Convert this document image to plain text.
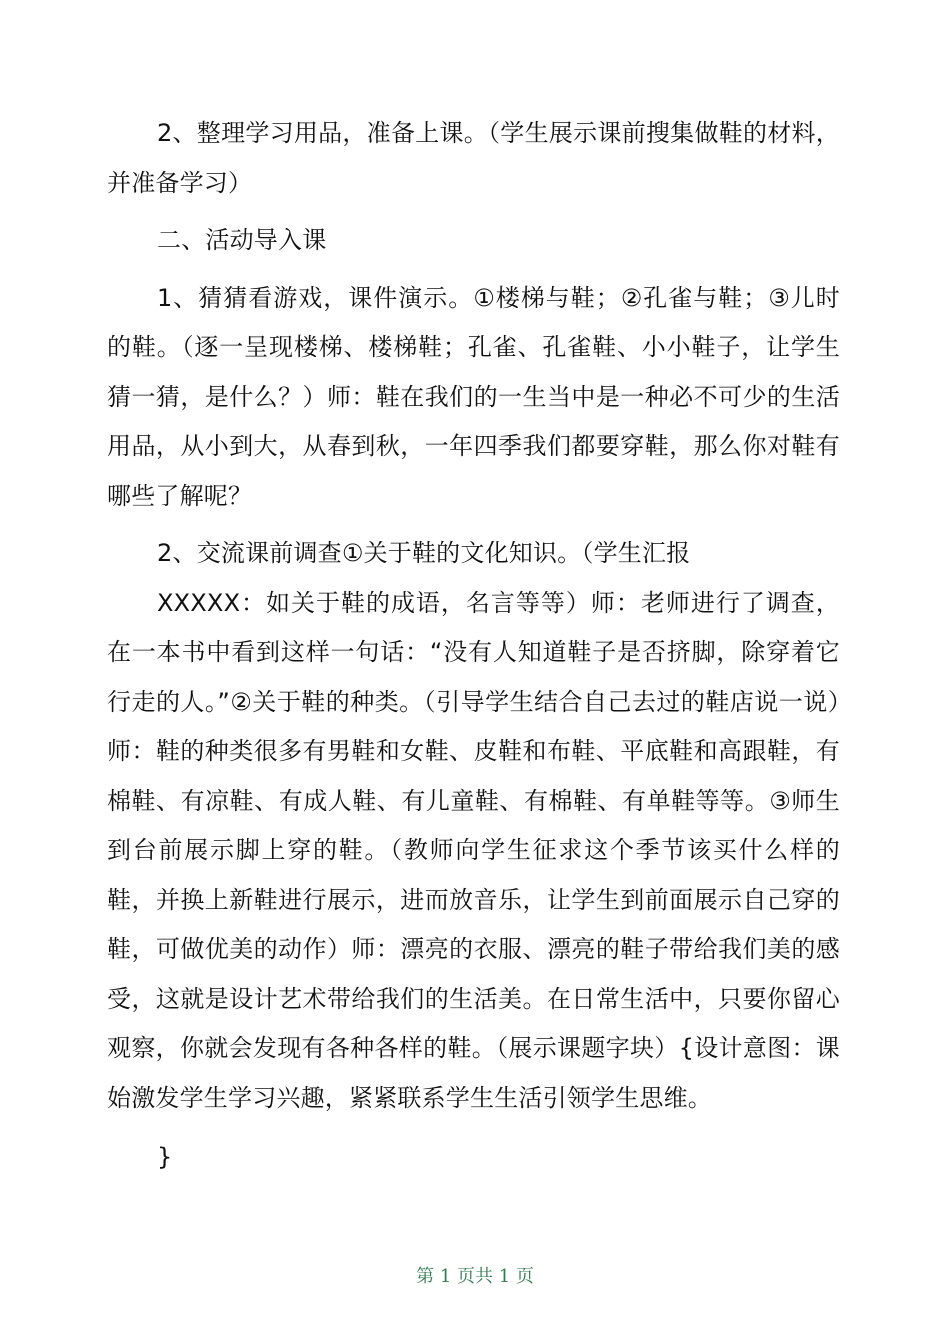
2、整理学习用品，准备上课。（学生展示课前搜集做鞋的材料，并准备学习）

二、活动导入课

1、猜猜看游戏，课件演示。①楼梯与鞋；②孔雀与鞋；③儿时的鞋。（逐一呈现楼梯、楼梯鞋；孔雀、孔雀鞋、小小鞋子，让学生猜一猜，是什么？）师：鞋在我们的一生当中是一种必不可少的生活用品，从小到大，从春到秋，一年四季我们都要穿鞋，那么你对鞋有哪些了解呢？

2、交流课前调查①关于鞋的文化知识。（学生汇报

XXXXX：如关于鞋的成语，名言等等）师：老师进行了调查，在一本书中看到这样一句话：“没有人知道鞋子是否挤脚，除穿着它行走的人。”②关于鞋的种类。（引导学生结合自己去过的鞋店说一说）师：鞋的种类很多有男鞋和女鞋、皮鞋和布鞋、平底鞋和高跟鞋，有棉鞋、有凉鞋、有成人鞋、有儿童鞋、有棉鞋、有单鞋等等。③师生到台前展示脚上穿的鞋。（教师向学生征求这个季节该买什么样的鞋，并换上新鞋进行展示，进而放音乐，让学生到前面展示自己穿的鞋，可做优美的动作）师：漂亮的衣服、漂亮的鞋子带给我们美的感受，这就是设计艺术带给我们的生活美。在日常生活中，只要你留心观察，你就会发现有各种各样的鞋。（展示课题字块）{设计意图：课始激发学生学习兴趣，紧紧联系学生生活引领学生思维。

}

第 1 页共 1 页
